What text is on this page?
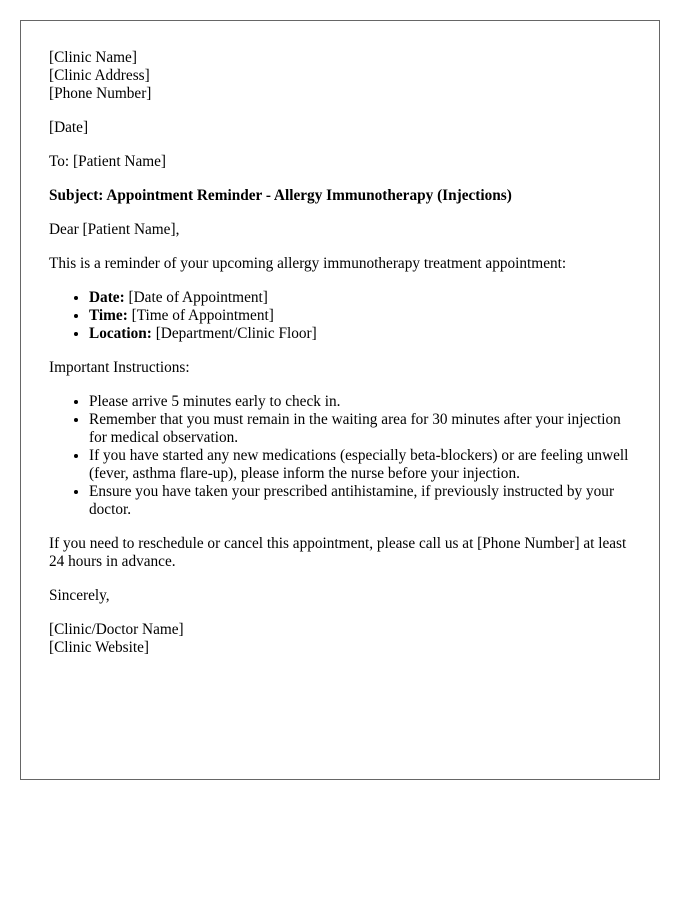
[Clinic Name]
[Clinic Address]
[Phone Number]

[Date]

To: [Patient Name]

Subject: Appointment Reminder - Allergy Immunotherapy (Injections)

Dear [Patient Name],

This is a reminder of your upcoming allergy immunotherapy treatment appointment:

• Date: [Date of Appointment]
• Time: [Time of Appointment]
• Location: [Department/Clinic Floor]

Important Instructions:

• Please arrive 5 minutes early to check in.
• Remember that you must remain in the waiting area for 30 minutes after your injection for medical observation.
• If you have started any new medications (especially beta-blockers) or are feeling unwell (fever, asthma flare-up), please inform the nurse before your injection.
• Ensure you have taken your prescribed antihistamine, if previously instructed by your doctor.

If you need to reschedule or cancel this appointment, please call us at [Phone Number] at least 24 hours in advance.

Sincerely,

[Clinic/Doctor Name]
[Clinic Website]
